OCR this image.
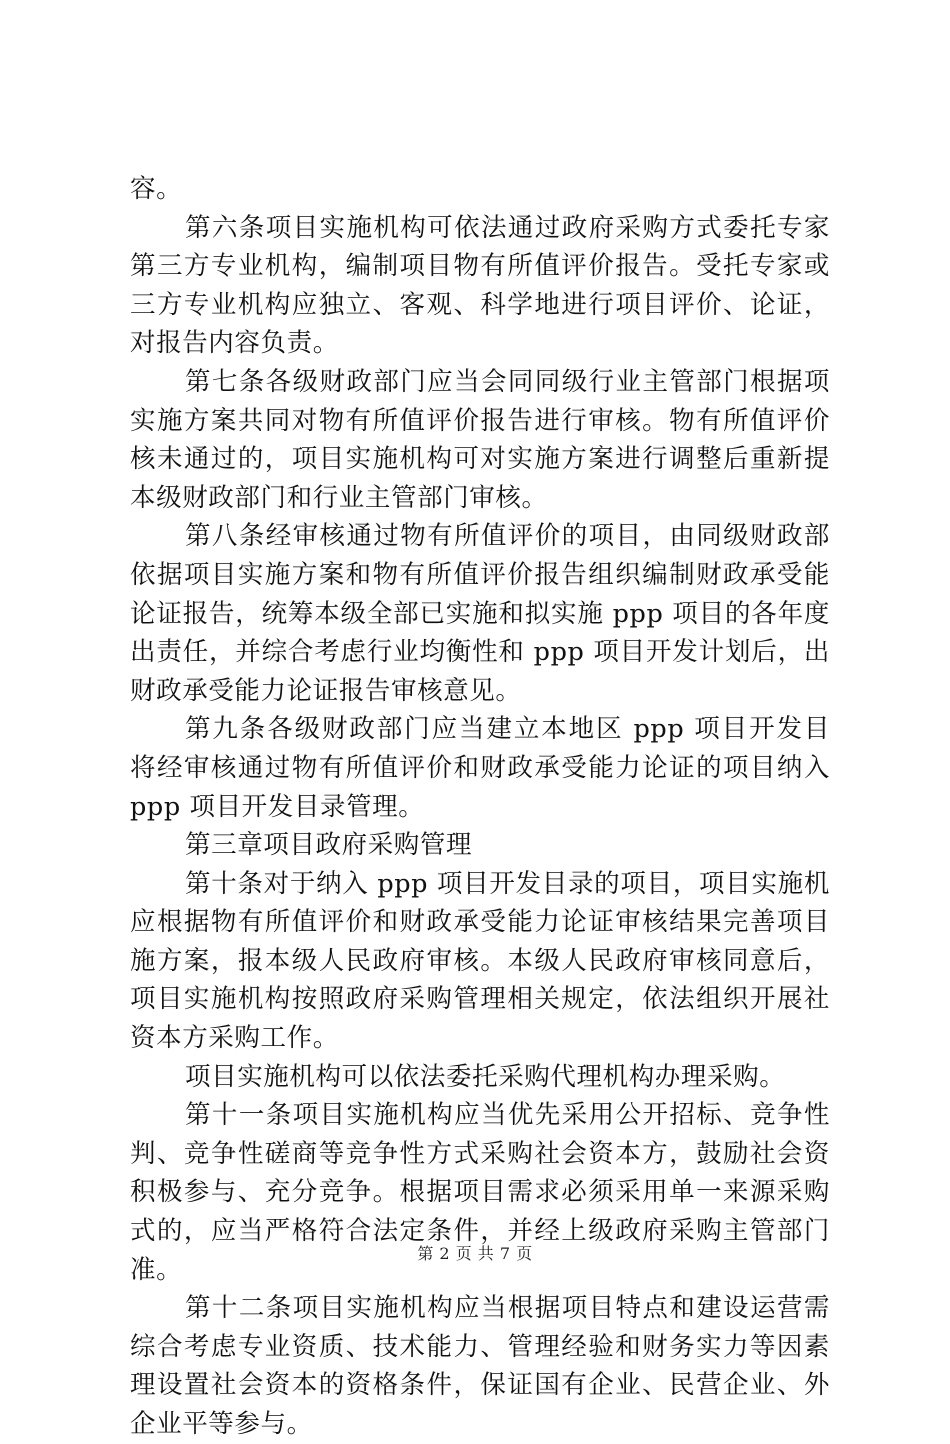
容。
第六条项目实施机构可依法通过政府采购方式委托专家
第三方专业机构，编制项目物有所值评价报告。受托专家或
三方专业机构应独立、客观、科学地进行项目评价、论证，
对报告内容负责。
第七条各级财政部门应当会同同级行业主管部门根据项
实施方案共同对物有所值评价报告进行审核。物有所值评价
核未通过的，项目实施机构可对实施方案进行调整后重新提
本级财政部门和行业主管部门审核。
第八条经审核通过物有所值评价的项目，由同级财政部
依据项目实施方案和物有所值评价报告组织编制财政承受能
论证报告，统筹本级全部已实施和拟实施 ppp 项目的各年度
出责任，并综合考虑行业均衡性和 ppp 项目开发计划后，出
财政承受能力论证报告审核意见。
第九条各级财政部门应当建立本地区 ppp 项目开发目
将经审核通过物有所值评价和财政承受能力论证的项目纳入
ppp 项目开发目录管理。
第三章项目政府采购管理
第十条对于纳入 ppp 项目开发目录的项目，项目实施机
应根据物有所值评价和财政承受能力论证审核结果完善项目
施方案，报本级人民政府审核。本级人民政府审核同意后，
项目实施机构按照政府采购管理相关规定，依法组织开展社
资本方采购工作。
项目实施机构可以依法委托采购代理机构办理采购。
第十一条项目实施机构应当优先采用公开招标、竞争性
判、竞争性磋商等竞争性方式采购社会资本方，鼓励社会资
积极参与、充分竞争。根据项目需求必须采用单一来源采购
式的，应当严格符合法定条件，并经上级政府采购主管部门
准。
第十二条项目实施机构应当根据项目特点和建设运营需
综合考虑专业资质、技术能力、管理经验和财务实力等因素
理设置社会资本的资格条件，保证国有企业、民营企业、外
企业平等参与。
第 2 页 共 7 页
